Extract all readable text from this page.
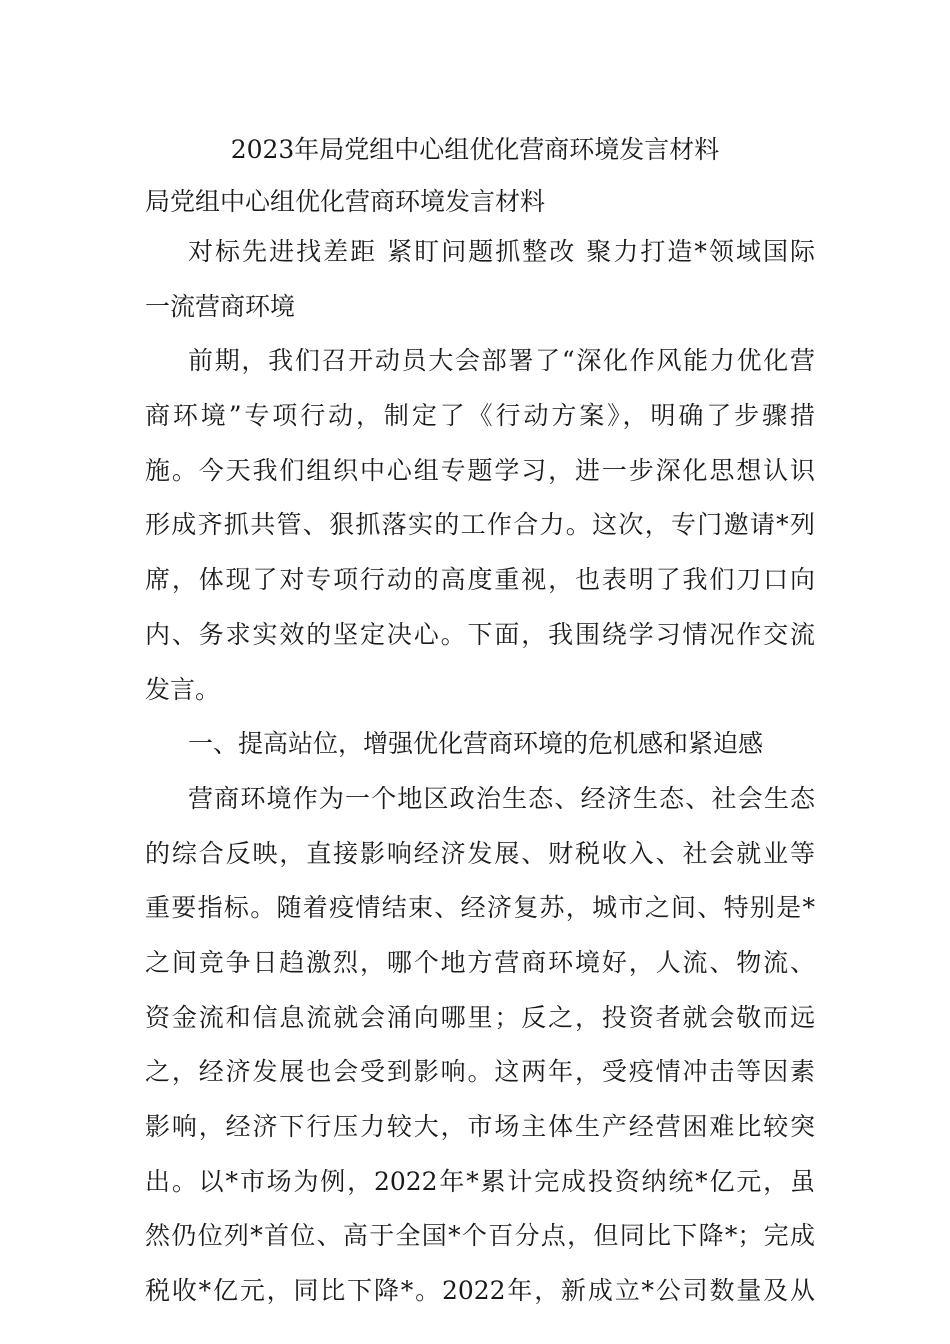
2023年局党组中心组优化营商环境发言材料
局党组中心组优化营商环境发言材料
对标先进找差距 紧盯问题抓整改 聚力打造*领域国际
一流营商环境
前期，我们召开动员大会部署了“深化作风能力优化营
商环境”专项行动，制定了《行动方案》，明确了步骤措
施。今天我们组织中心组专题学习，进一步深化思想认识
形成齐抓共管、狠抓落实的工作合力。这次，专门邀请*列
席，体现了对专项行动的高度重视，也表明了我们刀口向
内、务求实效的坚定决心。下面，我围绕学习情况作交流
发言。
一、提高站位，增强优化营商环境的危机感和紧迫感
营商环境作为一个地区政治生态、经济生态、社会生态
的综合反映，直接影响经济发展、财税收入、社会就业等
重要指标。随着疫情结束、经济复苏，城市之间、特别是*
之间竞争日趋激烈，哪个地方营商环境好，人流、物流、
资金流和信息流就会涌向哪里；反之，投资者就会敬而远
之，经济发展也会受到影响。这两年，受疫情冲击等因素
影响，经济下行压力较大，市场主体生产经营困难比较突
出。以*市场为例，2022年*累计完成投资纳统*亿元，虽
然仍位列*首位、高于全国*个百分点，但同比下降*；完成
税收*亿元，同比下降*。2022年，新成立*公司数量及从
